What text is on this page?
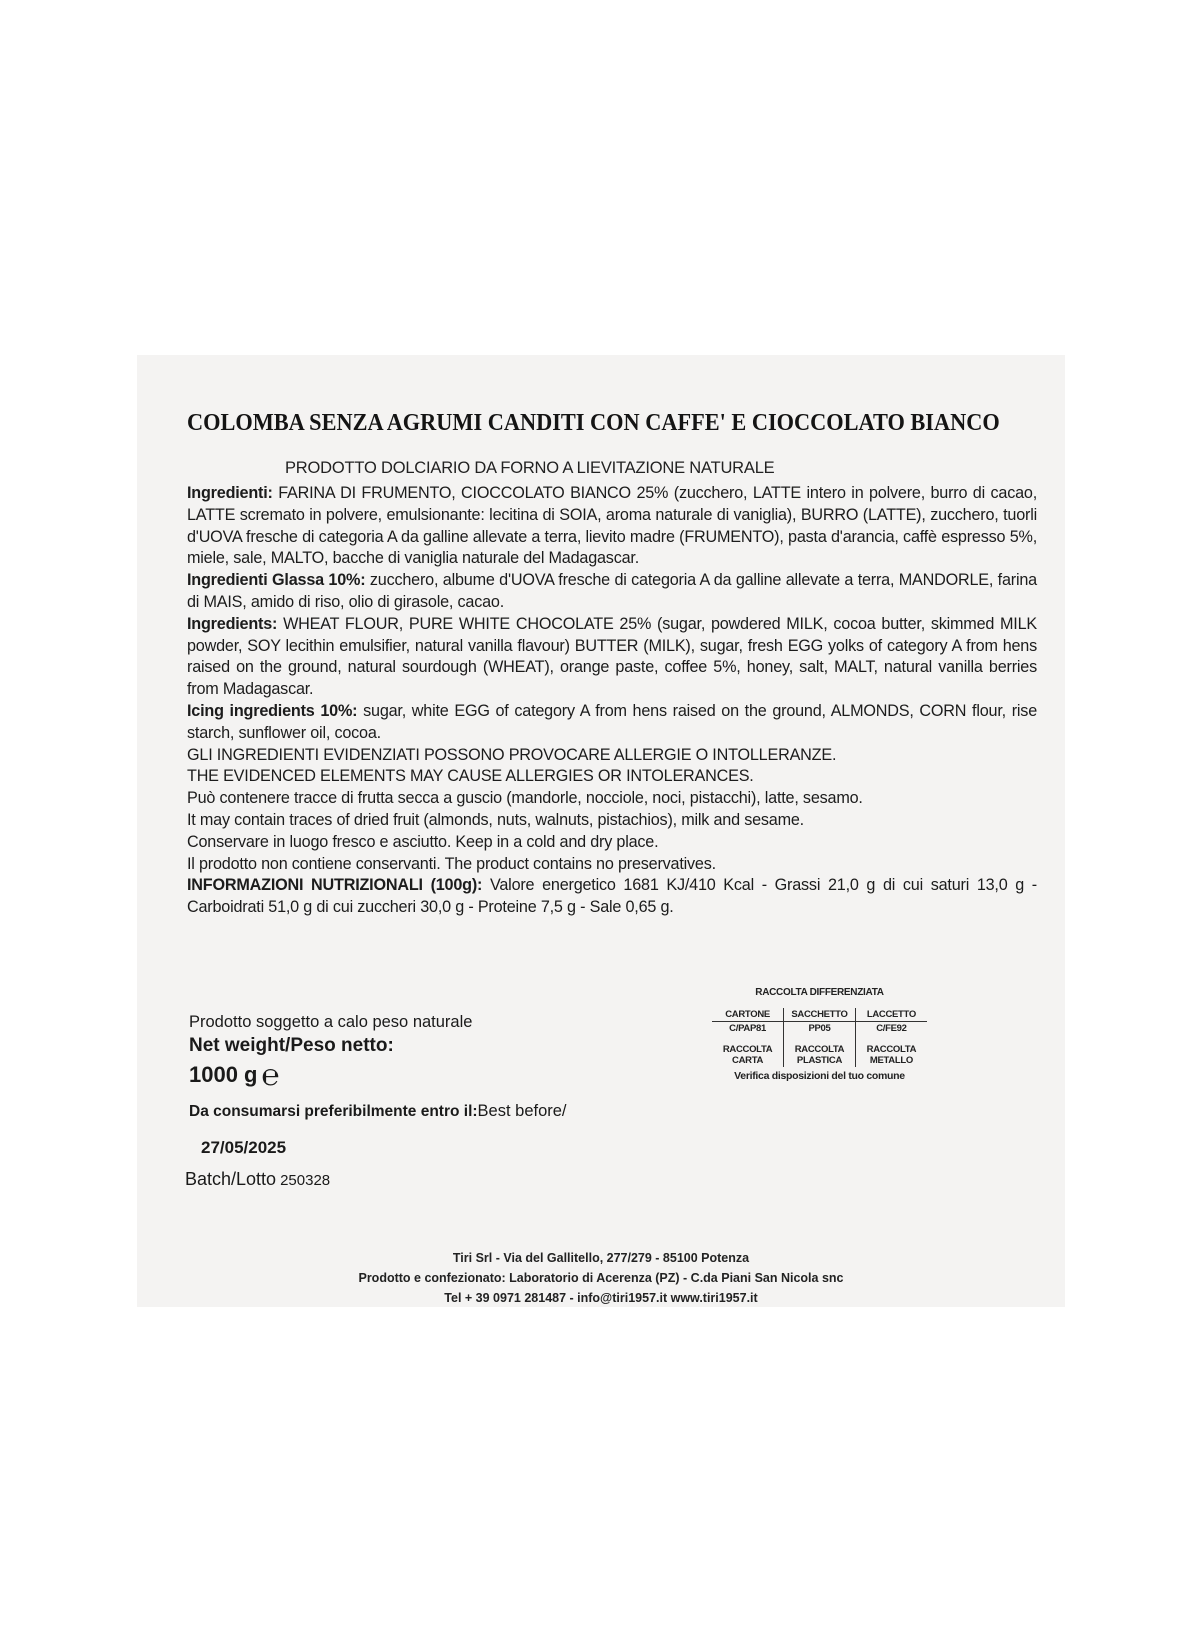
COLOMBA SENZA AGRUMI CANDITI CON CAFFE' E CIOCCOLATO BIANCO
PRODOTTO DOLCIARIO DA FORNO A LIEVITAZIONE NATURALE

Ingredienti: FARINA DI FRUMENTO, CIOCCOLATO BIANCO 25% (zucchero, LATTE intero in polvere, burro di cacao, LATTE scremato in polvere, emulsionante: lecitina di SOIA, aroma naturale di vaniglia), BURRO (LATTE), zucchero, tuorli d'UOVA fresche di categoria A da galline allevate a terra, lievito madre (FRUMENTO), pasta d'arancia, caffè espresso 5%, miele, sale, MALTO, bacche di vaniglia naturale del Madagascar.

Ingredienti Glassa 10%: zucchero, albume d'UOVA fresche di categoria A da galline allevate a terra, MANDORLE, farina di MAIS, amido di riso, olio di girasole, cacao.

Ingredients: WHEAT FLOUR, PURE WHITE CHOCOLATE 25% (sugar, powdered MILK, cocoa butter, skimmed MILK powder, SOY lecithin emulsifier, natural vanilla flavour) BUTTER (MILK), sugar, fresh EGG yolks of category A from hens raised on the ground, natural sourdough (WHEAT), orange paste, coffee 5%, honey, salt, MALT, natural vanilla berries from Madagascar.

Icing ingredients 10%: sugar, white EGG of category A from hens raised on the ground, ALMONDS, CORN flour, rise starch, sunflower oil, cocoa.

GLI INGREDIENTI EVIDENZIATI POSSONO PROVOCARE ALLERGIE O INTOLLERANZE.

THE EVIDENCED ELEMENTS MAY CAUSE ALLERGIES OR INTOLERANCES.

Può contenere tracce di frutta secca a guscio (mandorle, nocciole, noci, pistacchi), latte, sesamo.

It may contain traces of dried fruit (almonds, nuts, walnuts, pistachios), milk and sesame.

Conservare in luogo fresco e asciutto. Keep in a cold and dry place.

Il prodotto non contiene conservanti. The product contains no preservatives.

INFORMAZIONI NUTRIZIONALI (100g): Valore energetico 1681 KJ/410 Kcal - Grassi 21,0 g di cui saturi 13,0 g - Carboidrati 51,0 g di cui zuccheri 30,0 g - Proteine 7,5 g - Sale 0,65 g.

Prodotto soggetto a calo peso naturale
Net weight/Peso netto:
1000 g ℮
Da consumarsi preferibilmente entro il:Best before/
27/05/2025
Batch/Lotto 250328
RACCOLTA DIFFERENZIATA
CARTONE	SACCHETTO	LACCETTO
C/PAP81	PP05	C/FE92
RACCOLTA CARTA	RACCOLTA PLASTICA	RACCOLTA METALLO
Verifica disposizioni del tuo comune
Tiri Srl - Via del Gallitello, 277/279 - 85100 Potenza
Prodotto e confezionato: Laboratorio di Acerenza (PZ) - C.da Piani San Nicola snc
Tel + 39 0971 281487 - info@tiri1957.it www.tiri1957.it
